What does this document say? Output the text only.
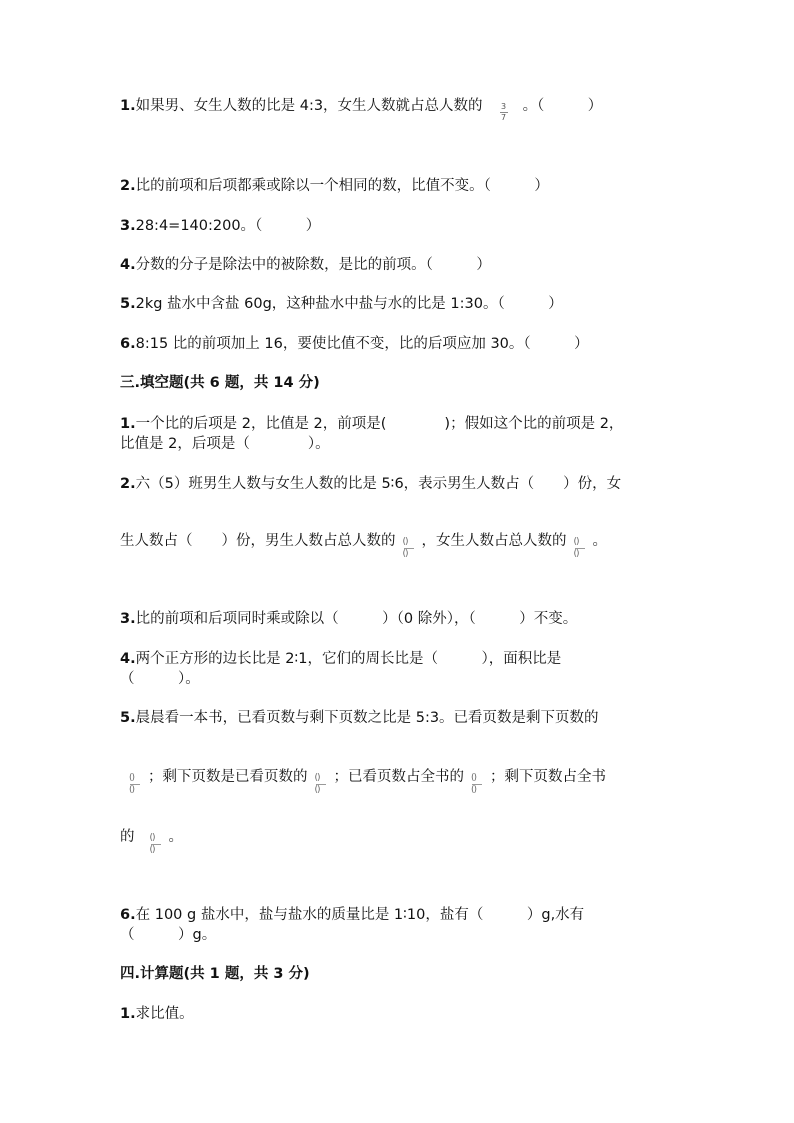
1.如果男、女生人数的比是 4:3，女生人数就占总人数的 $\frac{3}{7}$ 。（　　　）
2.比的前项和后项都乘或除以一个相同的数，比值不变。（　　　）
3.28:4=140:200。（　　　）
4.分数的分子是除法中的被除数，是比的前项。（　　　）
5.2kg 盐水中含盐 60g，这种盐水中盐与水的比是 1:30。（　　　）
6.8:15 比的前项加上 16，要使比值不变，比的后项应加 30。（　　　）
三.填空题(共 6 题，共 14 分)
1.一个比的后项是 2，比值是 2，前项是(　　　　)；假如这个比的前项是 2，
比值是 2，后项是（　　　　）。
2.六（5）班男生人数与女生人数的比是 5∶6，表示男生人数占（　　）份，女
生人数占（　　）份，男生人数占总人数的 $\frac{()}{()}$ ，女生人数占总人数的 $\frac{()}{()}$ 。
3.比的前项和后项同时乘或除以（　　　）（0 除外），（　　　）不变。
4.两个正方形的边长比是 2∶1，它们的周长比是（　　　），面积比是
（　　　）。
5.晨晨看一本书，已看页数与剩下页数之比是 5:3。已看页数是剩下页数的
$\frac{()}{()}$ ；剩下页数是已看页数的 $\frac{()}{()}$ ；已看页数占全书的 $\frac{()}{()}$ ；剩下页数占全书
的 $\frac{()}{()}$ 。
6.在 100 g 盐水中，盐与盐水的质量比是 1∶10，盐有（　　　）g,水有
（　　　）g。
四.计算题(共 1 题，共 3 分)
1.求比值。
